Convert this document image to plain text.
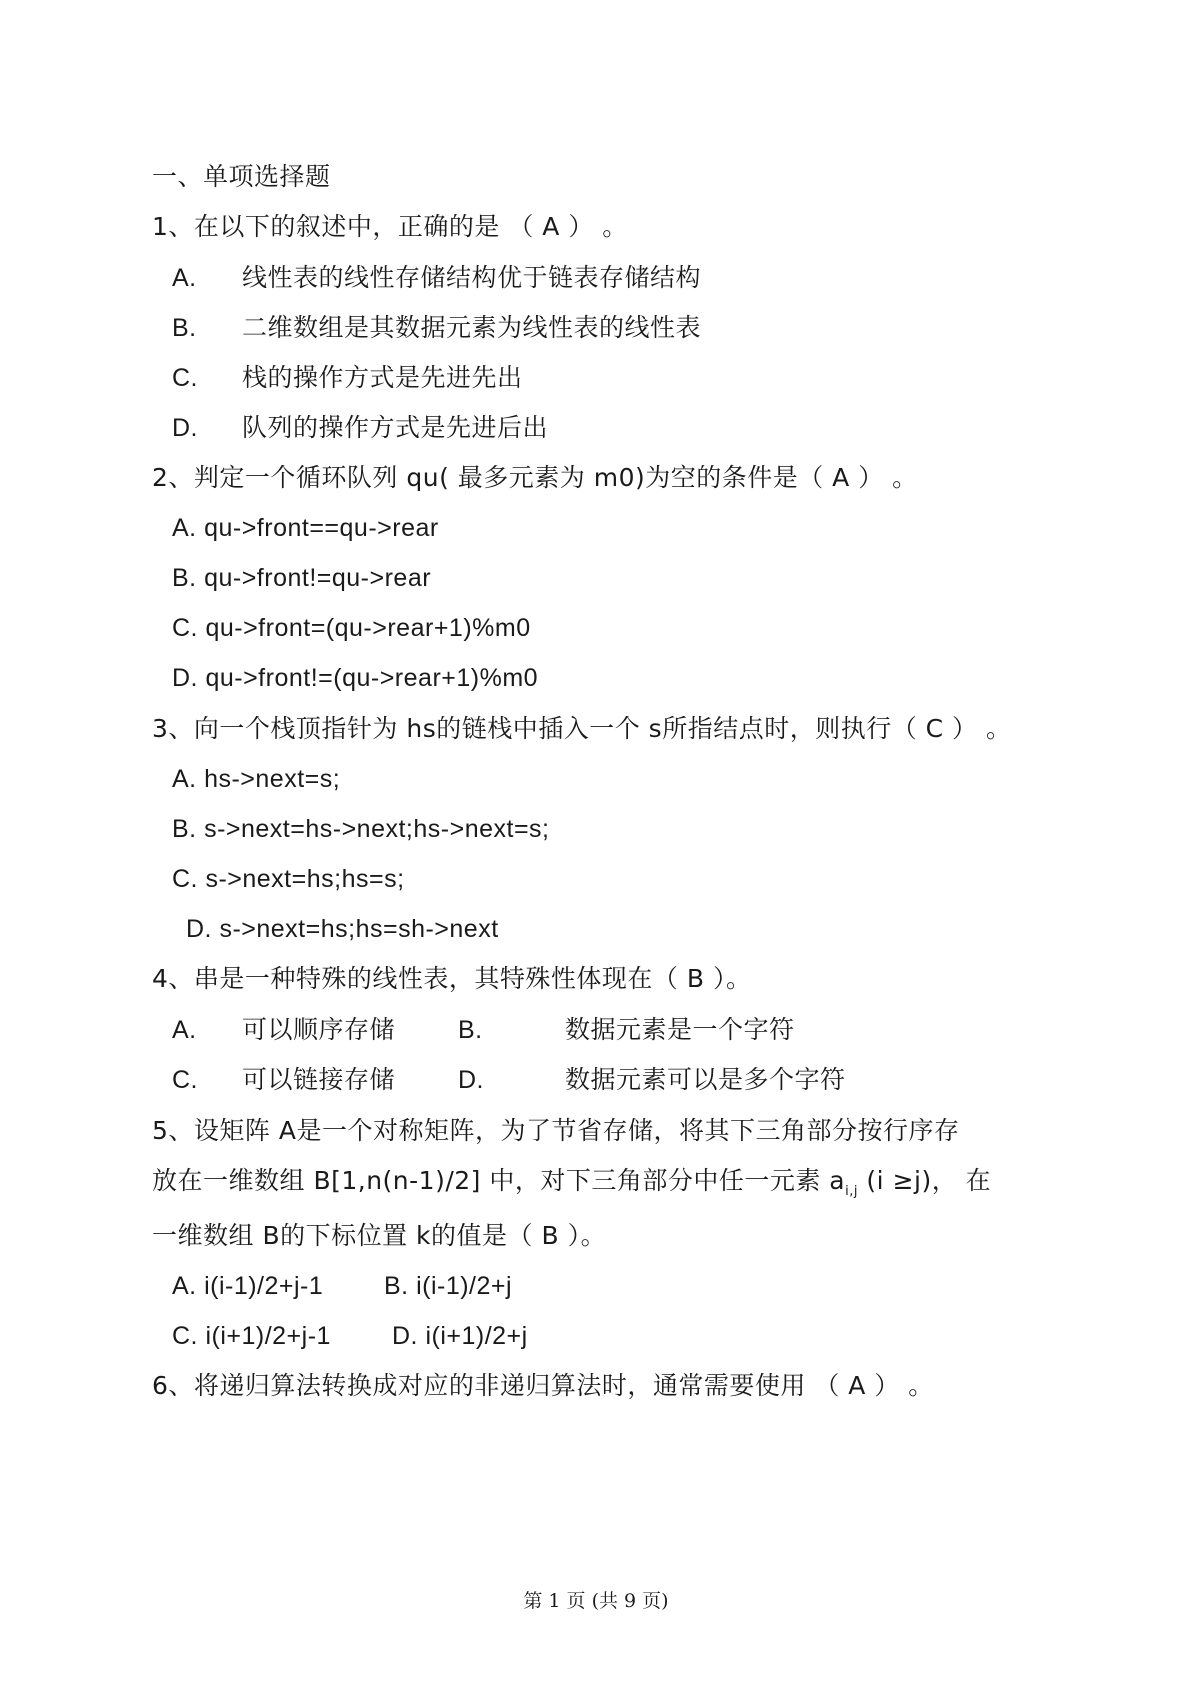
一、单项选择题
1、在以下的叙述中，正确的是 （ A ） 。
A. 线性表的线性存储结构优于链表存储结构
B. 二维数组是其数据元素为线性表的线性表
C. 栈的操作方式是先进先出
D. 队列的操作方式是先进后出
2、判定一个循环队列 qu( 最多元素为 m0)为空的条件是（ A ） 。
A. qu->front==qu->rear
B. qu->front!=qu->rear
C. qu->front=(qu->rear+1)%m0
D. qu->front!=(qu->rear+1)%m0
3、向一个栈顶指针为 hs的链栈中插入一个 s所指结点时，则执行（ C ） 。
A. hs->next=s;
B. s->next=hs->next;hs->next=s;
C. s->next=hs;hs=s;
D. s->next=hs;hs=sh->next
4、串是一种特殊的线性表，其特殊性体现在（ B ）。
A. 可以顺序存储	B.	数据元素是一个字符
C. 可以链接存储	D.	数据元素可以是多个字符
5、设矩阵 A是一个对称矩阵，为了节省存储，将其下三角部分按行序存
放在一维数组 B[1,n(n-1)/2] 中，对下三角部分中任一元素 $a_{i,j}$ (i ≥j)， 在
一维数组 B的下标位置 k的值是（ B ）。
A. i(i-1)/2+j-1 B. i(i-1)/2+j
C. i(i+1)/2+j-1 D. i(i+1)/2+j
6、将递归算法转换成对应的非递归算法时，通常需要使用 （ A ） 。
第 1 页 (共 9 页)
